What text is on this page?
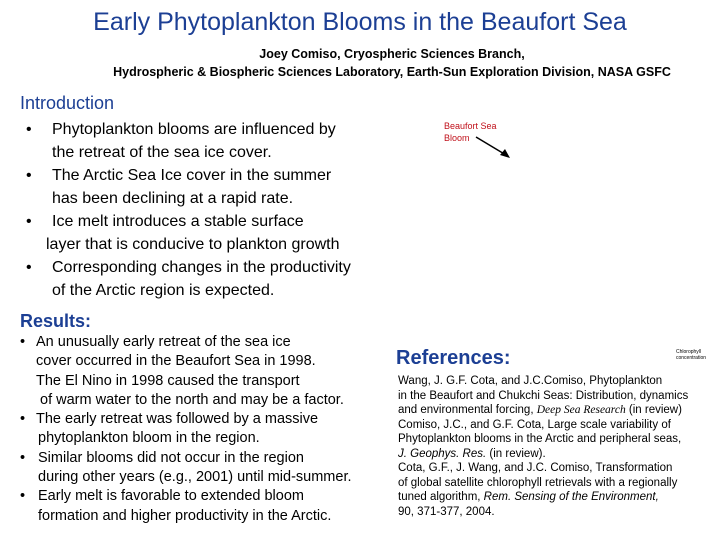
Early Phytoplankton Blooms in the Beaufort Sea
Joey Comiso, Cryospheric Sciences Branch,
Hydrospheric & Biospheric Sciences Laboratory, Earth-Sun Exploration Division, NASA GSFC
Introduction
•	Phytoplankton blooms are influenced by
the retreat of the sea ice cover.
•	The Arctic Sea Ice cover in the summer
has been declining at a rapid rate.
•	Ice melt introduces a stable surface
layer that is conducive to plankton growth
•	Corresponding changes in the productivity
of the Arctic region is expected.
Beaufort Sea
Bloom
Chlorophyll
concentration
Results:
• An unusually early retreat of the sea ice
cover occurred in the Beaufort Sea in 1998.
The El Nino in 1998 caused the transport
of warm water to the north and may be a factor.
• The early retreat was followed by a massive
phytoplankton bloom in the region.
• Similar blooms did not occur in the region
during other years (e.g., 2001) until mid-summer.
• Early melt is favorable to extended bloom
formation and higher productivity in the Arctic.
References:
Wang, J. G.F. Cota, and J.C.Comiso, Phytoplankton
in the Beaufort and Chukchi Seas: Distribution, dynamics
and environmental forcing, Deep Sea Research (in review)
Comiso, J.C., and G.F. Cota, Large scale variability of
Phytoplankton blooms in the Arctic and peripheral seas,
J. Geophys. Res. (in review).
Cota, G.F., J. Wang, and J.C. Comiso, Transformation
of global satellite chlorophyll retrievals with a regionally
tuned algorithm, Rem. Sensing of the Environment,
90, 371-377, 2004.
